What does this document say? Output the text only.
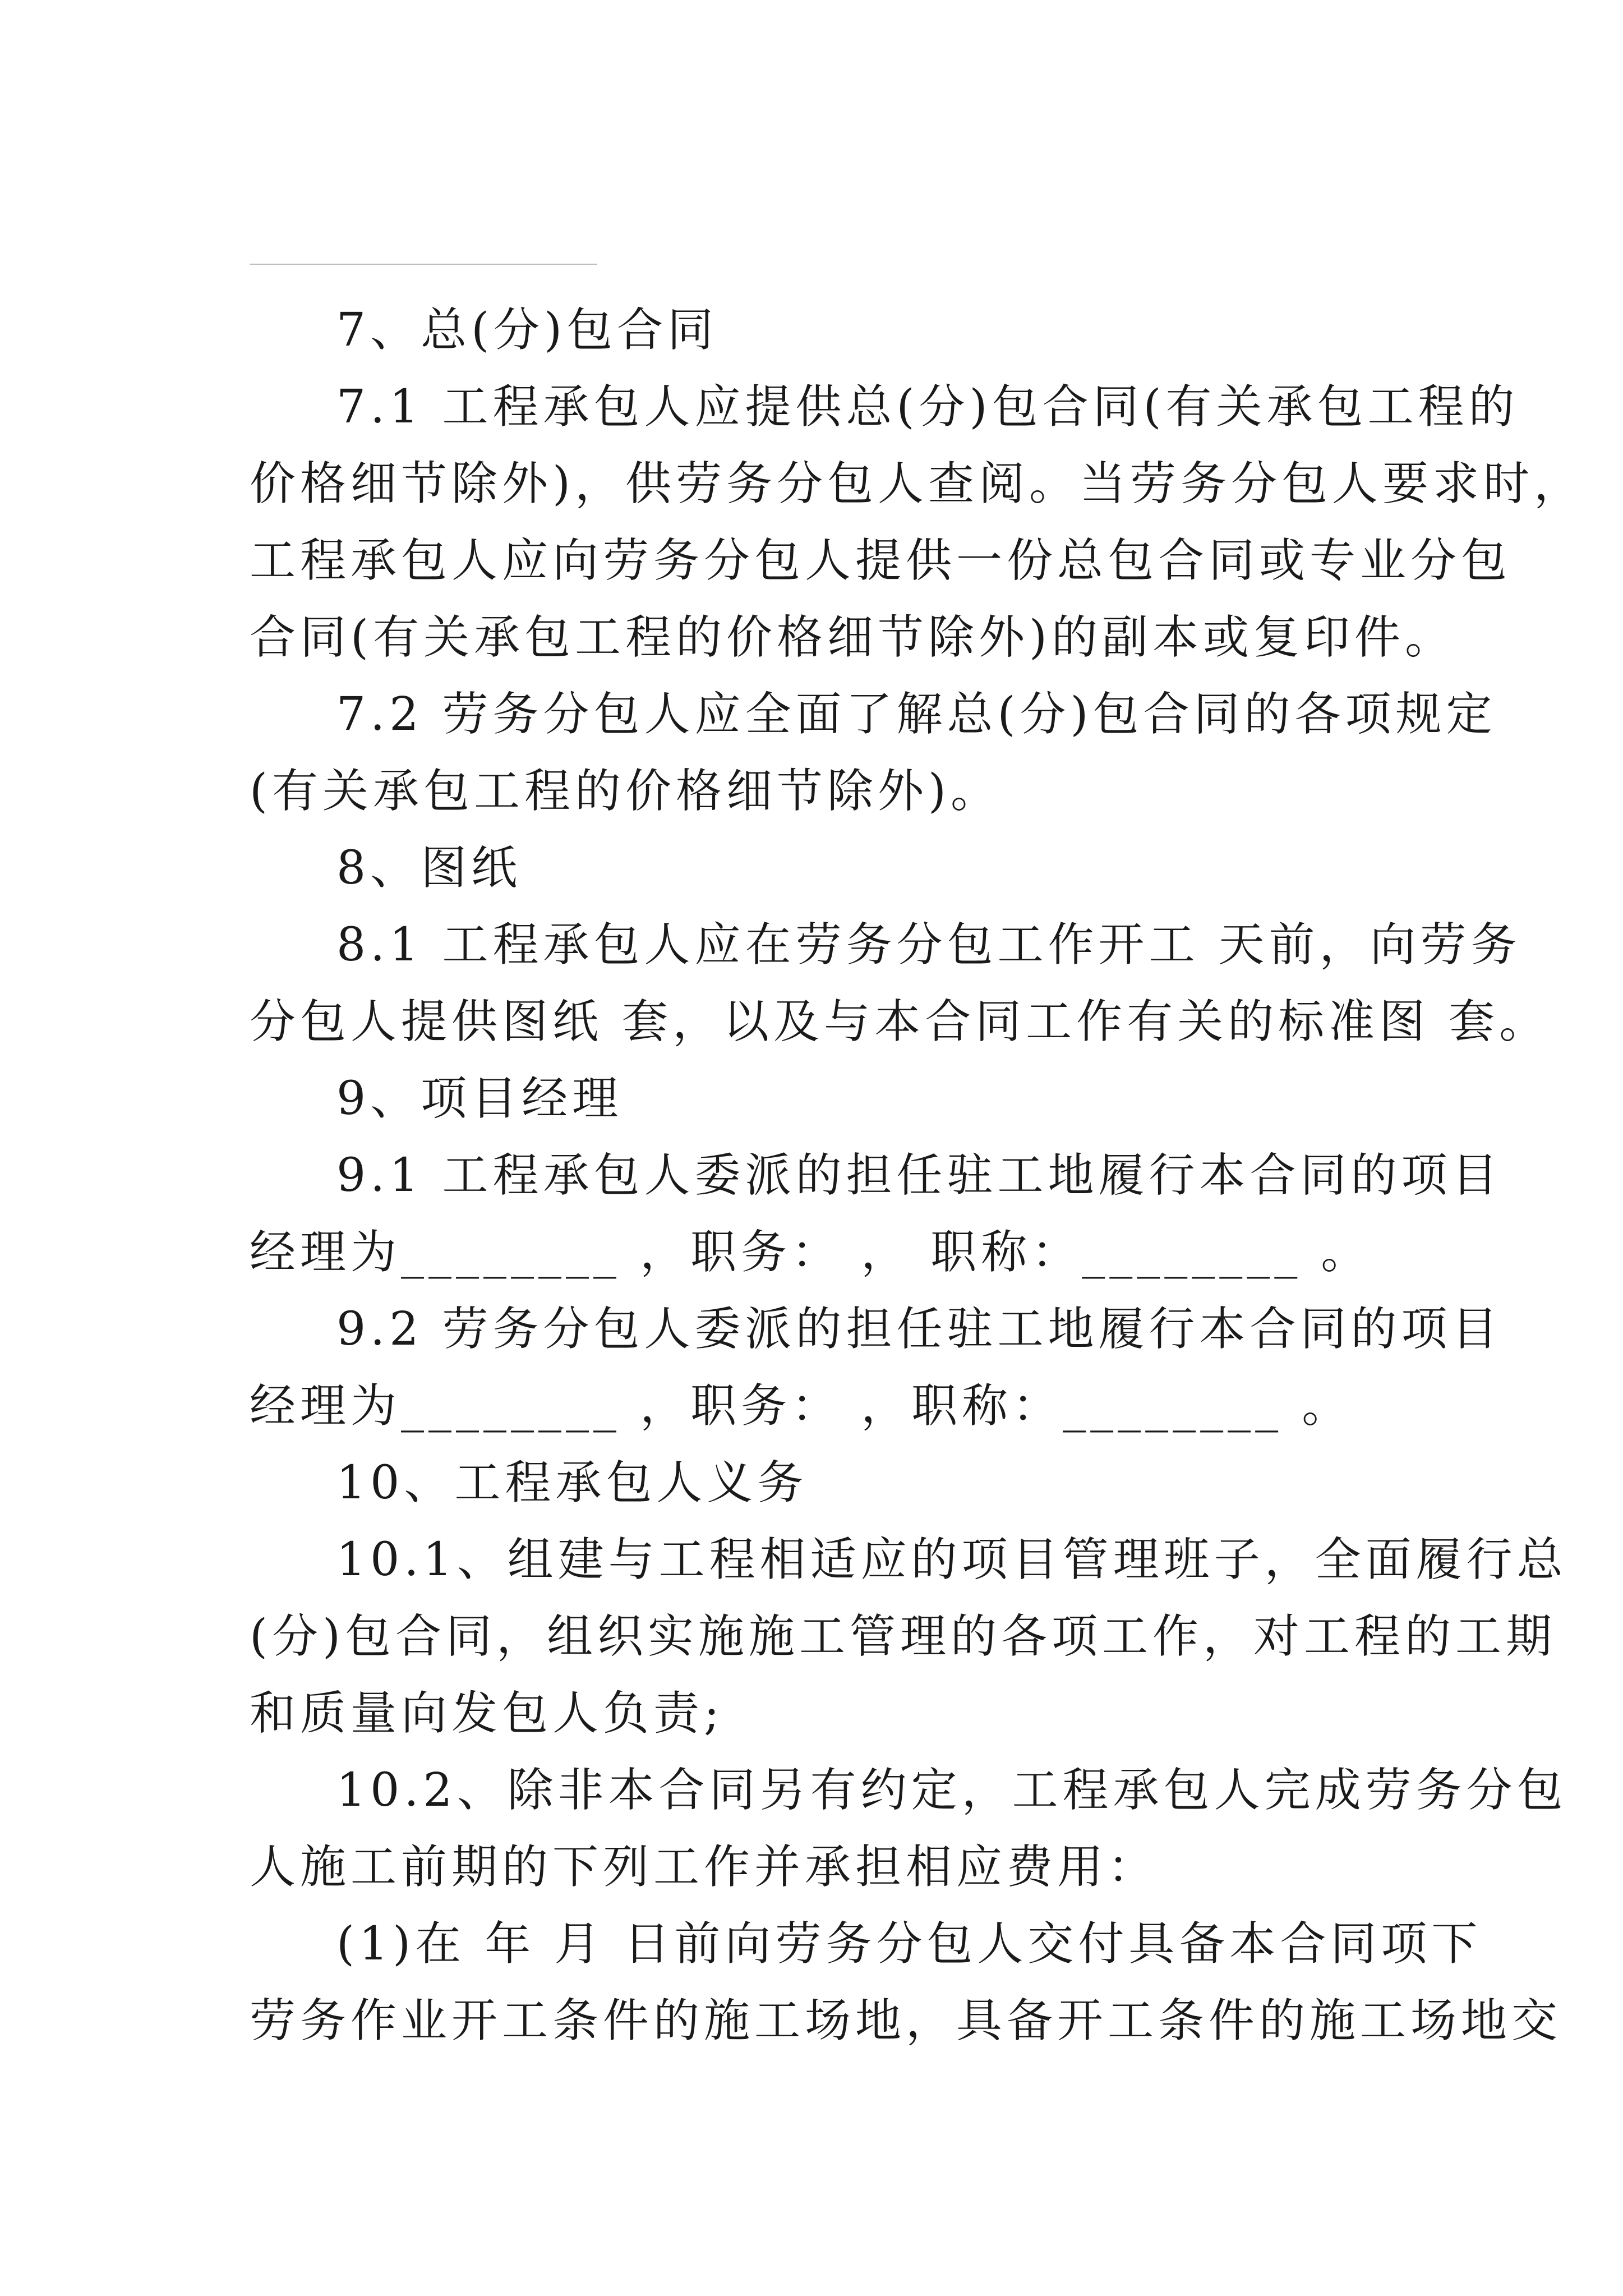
7、总(分)包合同
7.1 工程承包人应提供总(分)包合同(有关承包工程的
价格细节除外)，供劳务分包人查阅。当劳务分包人要求时，
工程承包人应向劳务分包人提供一份总包合同或专业分包
合同(有关承包工程的价格细节除外)的副本或复印件。
7.2 劳务分包人应全面了解总(分)包合同的各项规定
(有关承包工程的价格细节除外)。
8、图纸
8.1 工程承包人应在劳务分包工作开工 天前，向劳务
分包人提供图纸 套，以及与本合同工作有关的标准图 套。
9、项目经理
9.1 工程承包人委派的担任驻工地履行本合同的项目
经理为________ ，职务： ， 职称：________ 。
9.2 劳务分包人委派的担任驻工地履行本合同的项目
经理为________ ，职务： ，职称：________ 。
10、工程承包人义务
10.1、组建与工程相适应的项目管理班子，全面履行总
(分)包合同，组织实施施工管理的各项工作，对工程的工期
和质量向发包人负责;
10.2、除非本合同另有约定，工程承包人完成劳务分包
人施工前期的下列工作并承担相应费用：
(1)在 年 月 日前向劳务分包人交付具备本合同项下
劳务作业开工条件的施工场地，具备开工条件的施工场地交
